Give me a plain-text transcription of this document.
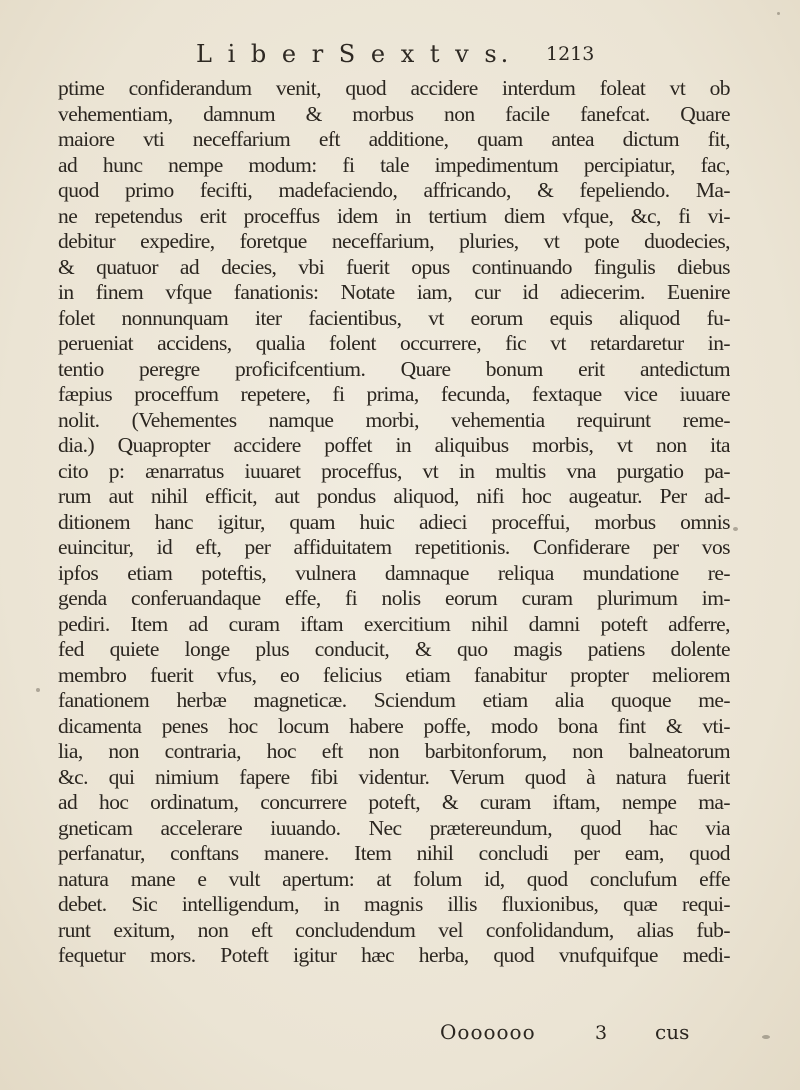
L i b e r S e x t v s. 1213
ptime confiderandum venit, quod accidere interdum foleat vt ob
vehementiam, damnum & morbus non facile fanefcat. Quare
maiore vti neceffarium eft additione, quam antea dictum fit,
ad hunc nempe modum: fi tale impedimentum percipiatur, fac,
quod primo fecifti, madefaciendo, affricando, & fepeliendo. Ma-
ne repetendus erit proceffus idem in tertium diem vfque, &c, fi vi-
debitur expedire, foretque neceffarium, pluries, vt pote duodecies,
& quatuor ad decies, vbi fuerit opus continuando fingulis diebus
in finem vfque fanationis: Notate iam, cur id adiecerim. Euenire
folet nonnunquam iter facientibus, vt eorum equis aliquod fu-
perueniat accidens, qualia folent occurrere, fic vt retardaretur in-
tentio peregre proficifcentium. Quare bonum erit antedictum
fæpius proceffum repetere, fi prima, fecunda, fextaque vice iuuare
nolit. (Vehementes namque morbi, vehementia requirunt reme-
dia.) Quapropter accidere poffet in aliquibus morbis, vt non ita
cito p: ænarratus iuuaret proceffus, vt in multis vna purgatio pa-
rum aut nihil efficit, aut pondus aliquod, nifi hoc augeatur. Per ad-
ditionem hanc igitur, quam huic adieci proceffui, morbus omnis
euincitur, id eft, per affiduitatem repetitionis. Confiderare per vos
ipfos etiam poteftis, vulnera damnaque reliqua mundatione re-
genda conferuandaque effe, fi nolis eorum curam plurimum im-
pediri. Item ad curam iftam exercitium nihil damni poteft adferre,
fed quiete longe plus conducit, & quo magis patiens dolente
membro fuerit vfus, eo felicius etiam fanabitur propter meliorem
fanationem herbæ magneticæ. Sciendum etiam alia quoque me-
dicamenta penes hoc locum habere poffe, modo bona fint & vti-
lia, non contraria, hoc eft non barbitonforum, non balneatorum
&c. qui nimium fapere fibi videntur. Verum quod à natura fuerit
ad hoc ordinatum, concurrere poteft, & curam iftam, nempe ma-
gneticam accelerare iuuando. Nec prætereundum, quod hac via
perfanatur, conftans manere. Item nihil concludi per eam, quod
natura mane e vult apertum: at folum id, quod conclufum effe
debet. Sic intelligendum, in magnis illis fluxionibus, quæ requi-
runt exitum, non eft concludendum vel confolidandum, alias fub-
fequetur mors. Poteft igitur hæc herba, quod vnufquifque medi-
Ooooooo	3 cus
